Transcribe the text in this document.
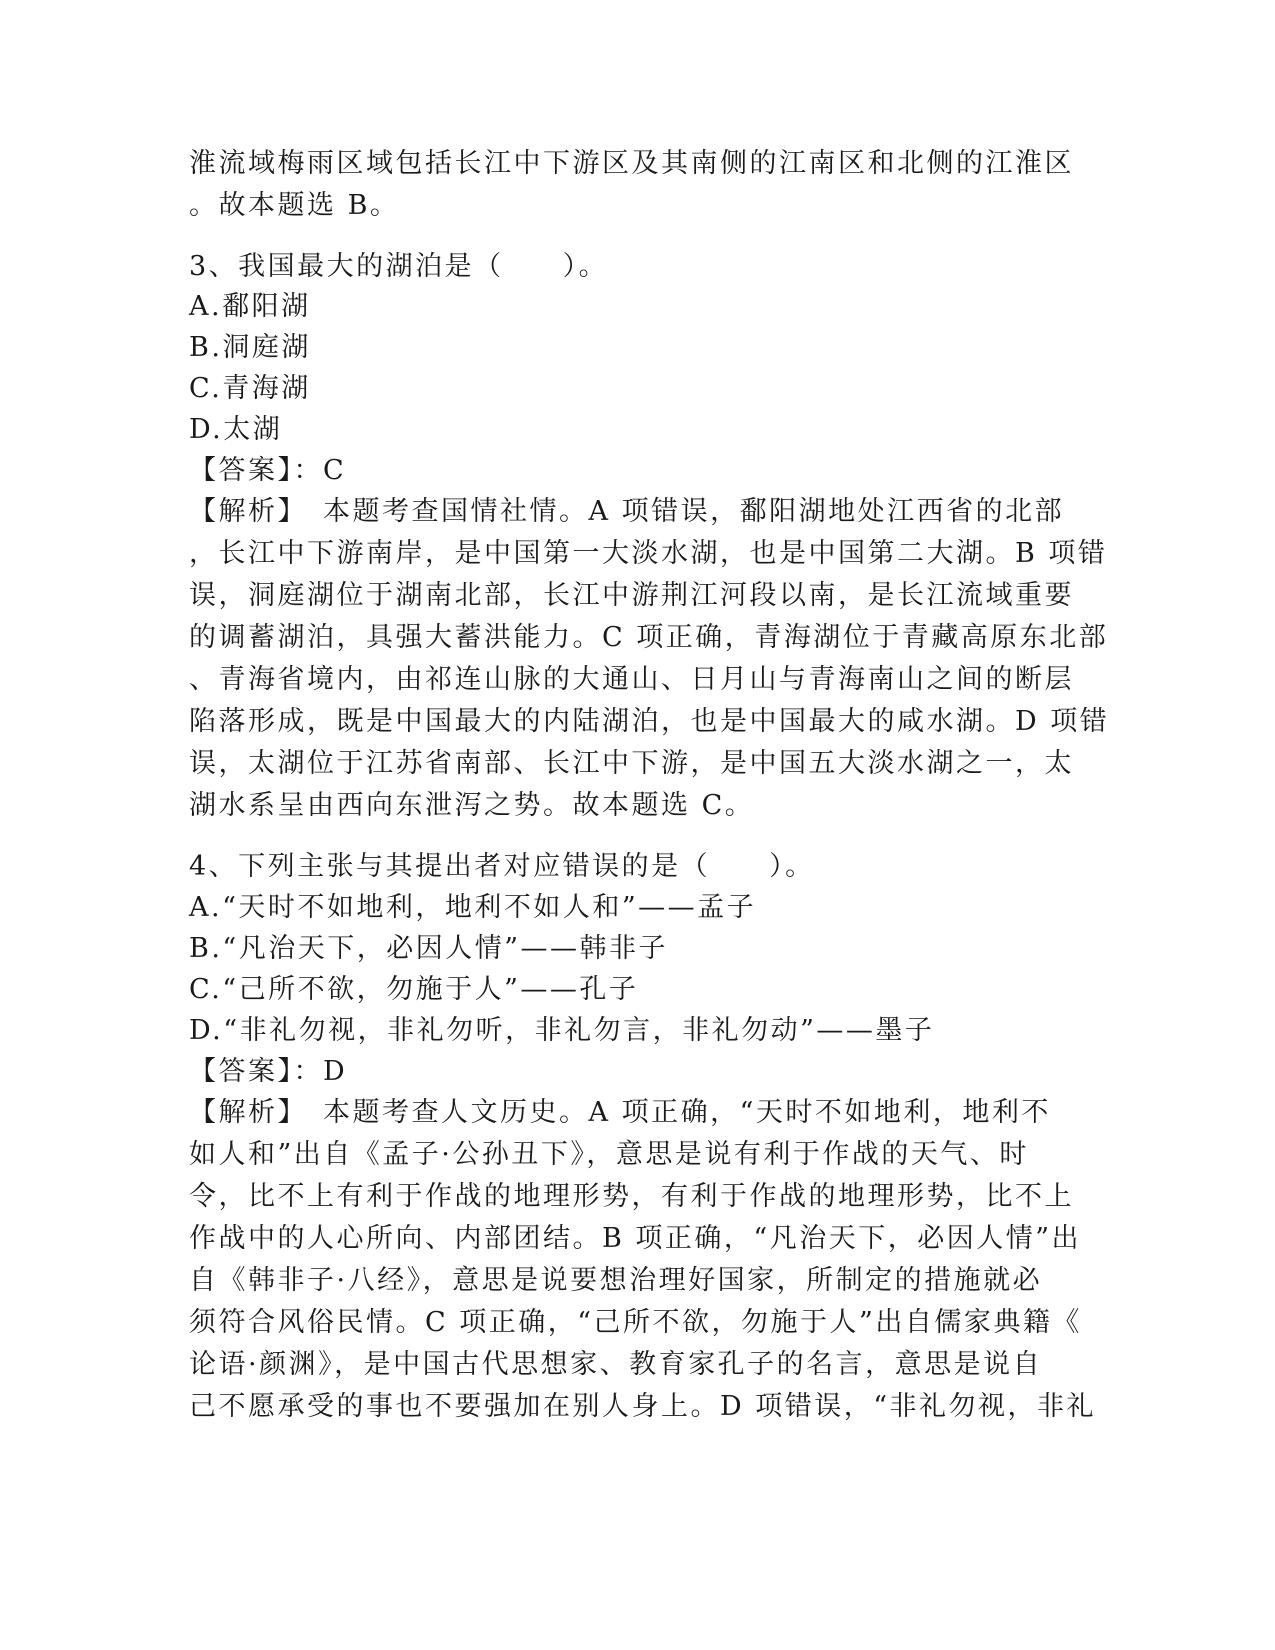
淮流域梅雨区域包括长江中下游区及其南侧的江南区和北侧的江淮区
。故本题选 B。
3、我国最大的湖泊是（　　）。
A.鄱阳湖
B.洞庭湖
C.青海湖
D.太湖
【答案】：C
【解析】　本题考查国情社情。A 项错误，鄱阳湖地处江西省的北部
，长江中下游南岸，是中国第一大淡水湖，也是中国第二大湖。B 项错
误，洞庭湖位于湖南北部，长江中游荆江河段以南，是长江流域重要
的调蓄湖泊，具强大蓄洪能力。C 项正确，青海湖位于青藏高原东北部
、青海省境内，由祁连山脉的大通山、日月山与青海南山之间的断层
陷落形成，既是中国最大的内陆湖泊，也是中国最大的咸水湖。D 项错
误，太湖位于江苏省南部、长江中下游，是中国五大淡水湖之一，太
湖水系呈由西向东泄泻之势。故本题选 C。
4、下列主张与其提出者对应错误的是（　　）。
A.“天时不如地利，地利不如人和”——孟子
B.“凡治天下，必因人情”——韩非子
C.“己所不欲，勿施于人”——孔子
D.“非礼勿视，非礼勿听，非礼勿言，非礼勿动”——墨子
【答案】：D
【解析】　本题考查人文历史。A 项正确，“天时不如地利，地利不
如人和”出自《孟子·公孙丑下》，意思是说有利于作战的天气、时
令，比不上有利于作战的地理形势，有利于作战的地理形势，比不上
作战中的人心所向、内部团结。B 项正确，“凡治天下，必因人情”出
自《韩非子·八经》，意思是说要想治理好国家，所制定的措施就必
须符合风俗民情。C 项正确，“己所不欲，勿施于人”出自儒家典籍《
论语·颜渊》，是中国古代思想家、教育家孔子的名言，意思是说自
己不愿承受的事也不要强加在别人身上。D 项错误，“非礼勿视，非礼
